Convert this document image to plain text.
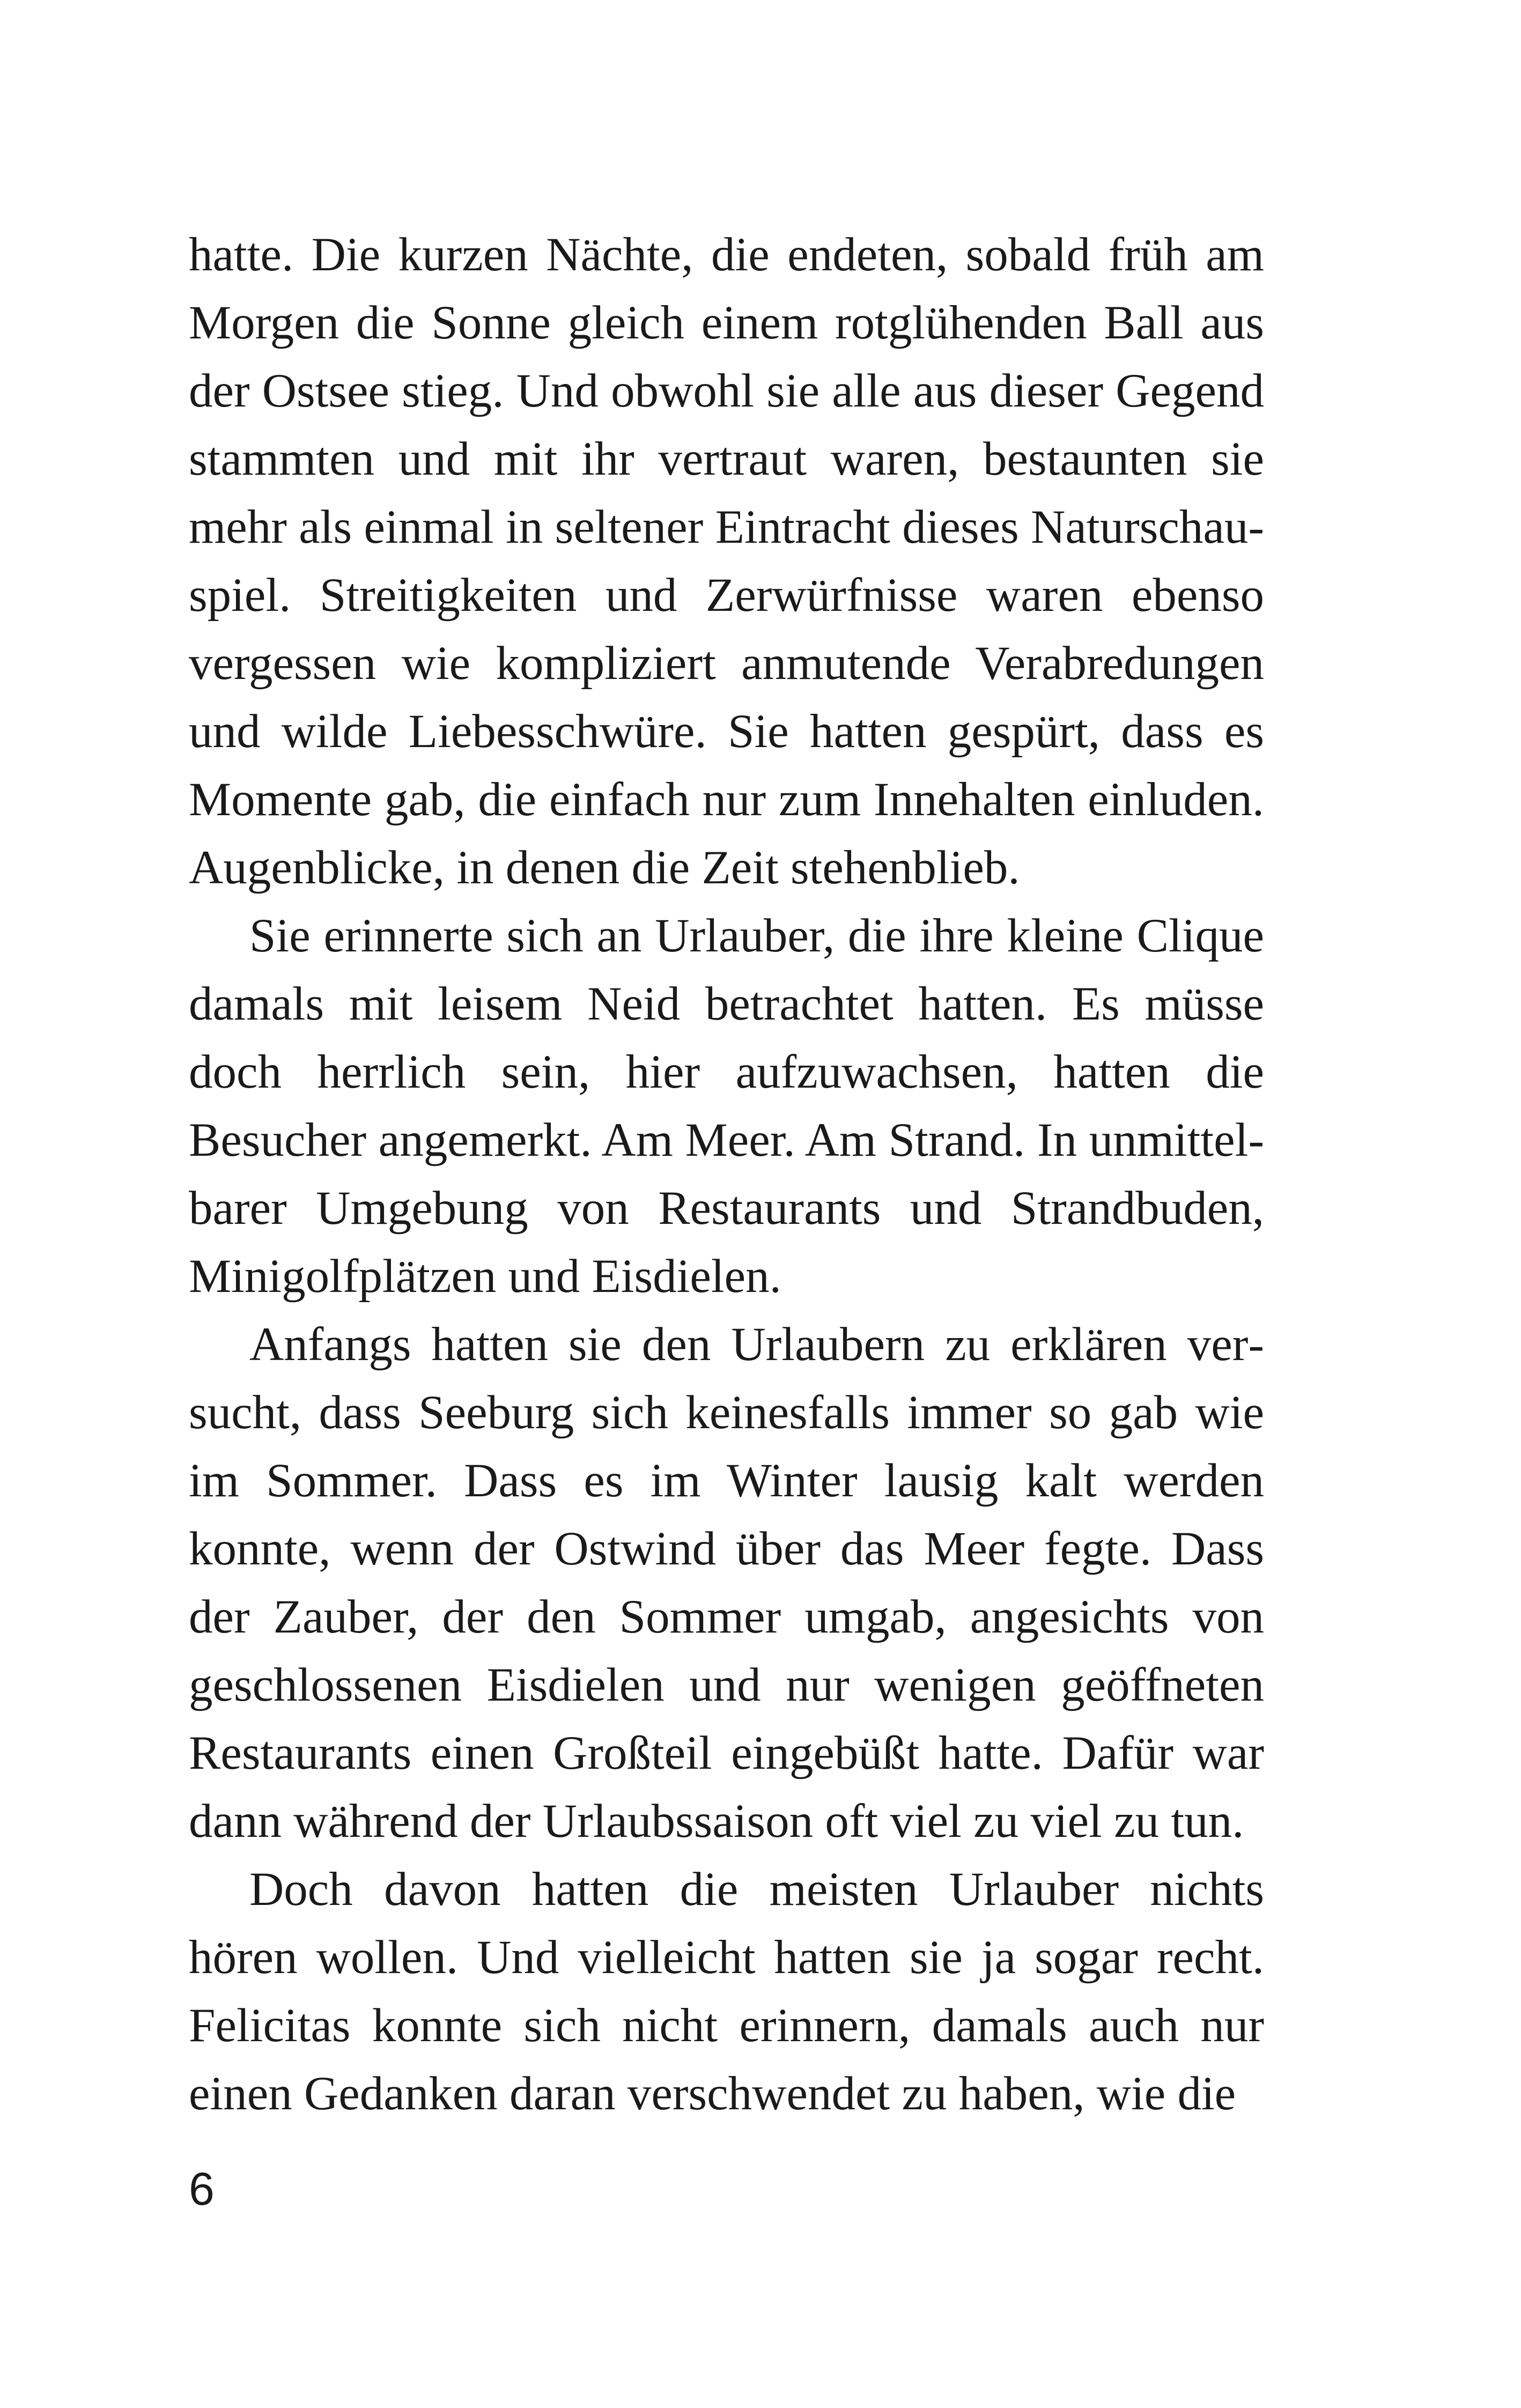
hatte. Die kurzen Nächte, die endeten, sobald früh am Morgen die Sonne gleich einem rotglühenden Ball aus der Ostsee stieg. Und obwohl sie alle aus dieser Gegend stammten und mit ihr vertraut waren, bestaunten sie mehr als einmal in seltener Eintracht dieses Naturschauspiel. Streitigkeiten und Zerwürfnisse waren ebenso vergessen wie kompliziert anmutende Verabredungen und wilde Liebesschwüre. Sie hatten gespürt, dass es Momente gab, die einfach nur zum Innehalten einluden. Augenblicke, in denen die Zeit stehenblieb.

Sie erinnerte sich an Urlauber, die ihre kleine Clique damals mit leisem Neid betrachtet hatten. Es müsse doch herrlich sein, hier aufzuwachsen, hatten die Besucher angemerkt. Am Meer. Am Strand. In unmittelbarer Umgebung von Restaurants und Strandbuden, Minigolfplätzen und Eisdielen.

Anfangs hatten sie den Urlaubern zu erklären versucht, dass Seeburg sich keinesfalls immer so gab wie im Sommer. Dass es im Winter lausig kalt werden konnte, wenn der Ostwind über das Meer fegte. Dass der Zauber, der den Sommer umgab, angesichts von geschlossenen Eisdielen und nur wenigen geöffneten Restaurants einen Großteil eingebüßt hatte. Dafür war dann während der Urlaubssaison oft viel zu viel zu tun.

Doch davon hatten die meisten Urlauber nichts hören wollen. Und vielleicht hatten sie ja sogar recht. Felicitas konnte sich nicht erinnern, damals auch nur einen Gedanken daran verschwendet zu haben, wie die

6
